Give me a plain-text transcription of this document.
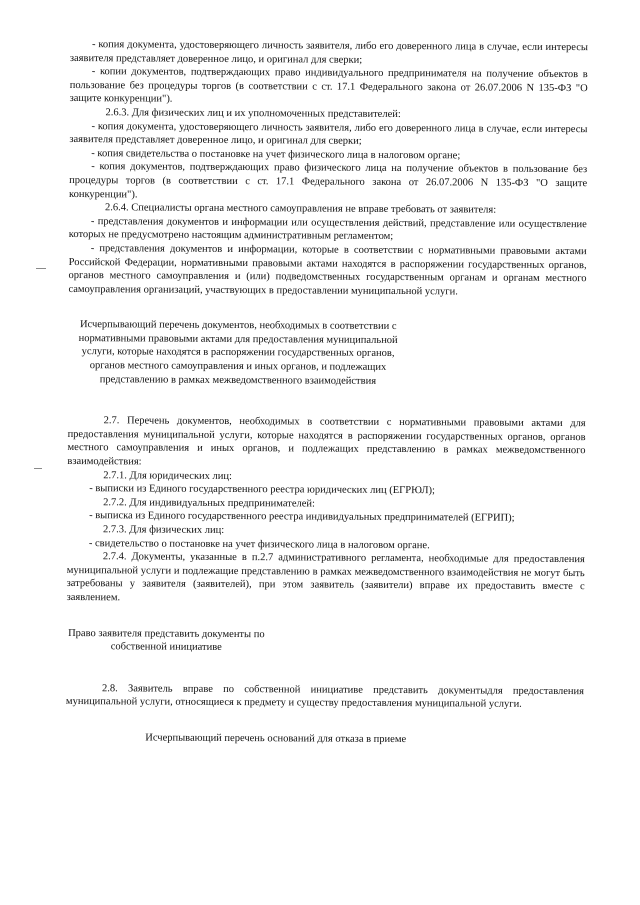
- копия документа, удостоверяющего личность заявителя, либо его доверенного лица в случае, если интересы заявителя представляет доверенное лицо, и оригинал для сверки;

- копии документов, подтверждающих право индивидуального предпринимателя на получение объектов в пользование без процедуры торгов (в соответствии с ст. 17.1 Федерального закона от 26.07.2006 N 135-ФЗ "О защите конкуренции").

2.6.3. Для физических лиц и их уполномоченных представителей:

- копия документа, удостоверяющего личность заявителя, либо его доверенного лица в случае, если интересы заявителя представляет доверенное лицо, и оригинал для сверки;

- копия свидетельства о постановке на учет физического лица в налоговом органе;

- копия документов, подтверждающих право физического лица на получение объектов в пользование без процедуры торгов (в соответствии с ст. 17.1 Федерального закона от 26.07.2006 N 135-ФЗ "О защите конкуренции").

2.6.4. Специалисты органа местного самоуправления не вправе требовать от заявителя:

- представления документов и информации или осуществления действий, представление или осуществление которых не предусмотрено настоящим административным регламентом;

- представления документов и информации, которые в соответствии с нормативными правовыми актами Российской Федерации, нормативными правовыми актами находятся в распоряжении государственных органов, органов местного самоуправления и (или) подведомственных государственным органам и органам местного самоуправления организаций, участвующих в предоставлении муниципальной услуги.

Исчерпывающий перечень документов, необходимых в соответствии с нормативными правовыми актами для предоставления муниципальной услуги, которые находятся в распоряжении государственных органов, органов местного самоуправления и иных органов, и подлежащих представлению в рамках межведомственного взаимодействия

2.7. Перечень документов, необходимых в соответствии с нормативными правовыми актами для предоставления муниципальной услуги, которые находятся в распоряжении государственных органов, органов местного самоуправления и иных органов, и подлежащих представлению в рамках межведомственного взаимодействия:

2.7.1. Для юридических лиц:

- выписки из Единого государственного реестра юридических лиц (ЕГРЮЛ);

2.7.2. Для индивидуальных предпринимателей:

- выписка из Единого государственного реестра индивидуальных предпринимателей (ЕГРИП);

2.7.3. Для физических лиц:

- свидетельство о постановке на учет физического лица в налоговом органе.

2.7.4. Документы, указанные в п.2.7 административного регламента, необходимые для предоставления муниципальной услуги и подлежащие представлению в рамках межведомственного взаимодействия не могут быть затребованы у заявителя (заявителей), при этом заявитель (заявители) вправе их предоставить вместе с заявлением.

Право заявителя представить документы по собственной инициативе

2.8. Заявитель вправе по собственной инициативе представить документыдля предоставления муниципальной услуги, относящиеся к предмету и существу предоставления муниципальной услуги.

Исчерпывающий перечень оснований для отказа в приеме
